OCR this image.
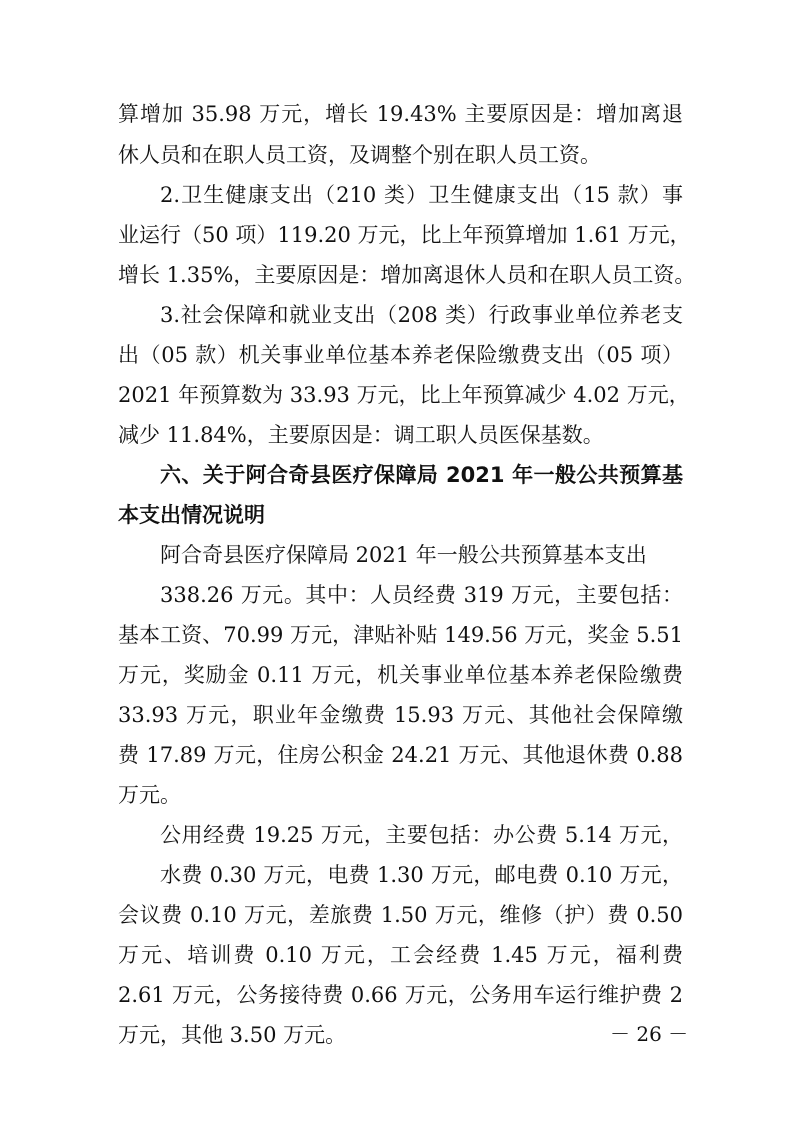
算增加 35.98 万元，增长 19.43% 主要原因是：增加离退
休人员和在职人员工资，及调整个别在职人员工资。
2.卫生健康支出（210 类）卫生健康支出（15 款）事
业运行（50 项）119.20 万元，比上年预算增加 1.61 万元，
增长 1.35%，主要原因是：增加离退休人员和在职人员工资。
3.社会保障和就业支出（208 类）行政事业单位养老支
出（05 款）机关事业单位基本养老保险缴费支出（05 项）
2021 年预算数为 33.93 万元，比上年预算减少 4.02 万元，
减少 11.84%，主要原因是：调工职人员医保基数。
六、关于阿合奇县医疗保障局 2021 年一般公共预算基
本支出情况说明
阿合奇县医疗保障局 2021 年一般公共预算基本支出
338.26 万元。其中：人员经费 319 万元，主要包括：
基本工资、70.99 万元，津贴补贴 149.56 万元，奖金 5.51
万元，奖励金 0.11 万元，机关事业单位基本养老保险缴费
33.93 万元，职业年金缴费 15.93 万元、其他社会保障缴
费 17.89 万元，住房公积金 24.21 万元、其他退休费 0.88
万元。
公用经费 19.25 万元，主要包括：办公费 5.14 万元，
水费 0.30 万元，电费 1.30 万元，邮电费 0.10 万元，
会议费 0.10 万元，差旅费 1.50 万元，维修（护）费 0.50
万元、培训费 0.10 万元，工会经费 1.45 万元，福利费
2.61 万元，公务接待费 0.66 万元，公务用车运行维护费 2
万元，其他 3.50 万元。	－ 26 －
